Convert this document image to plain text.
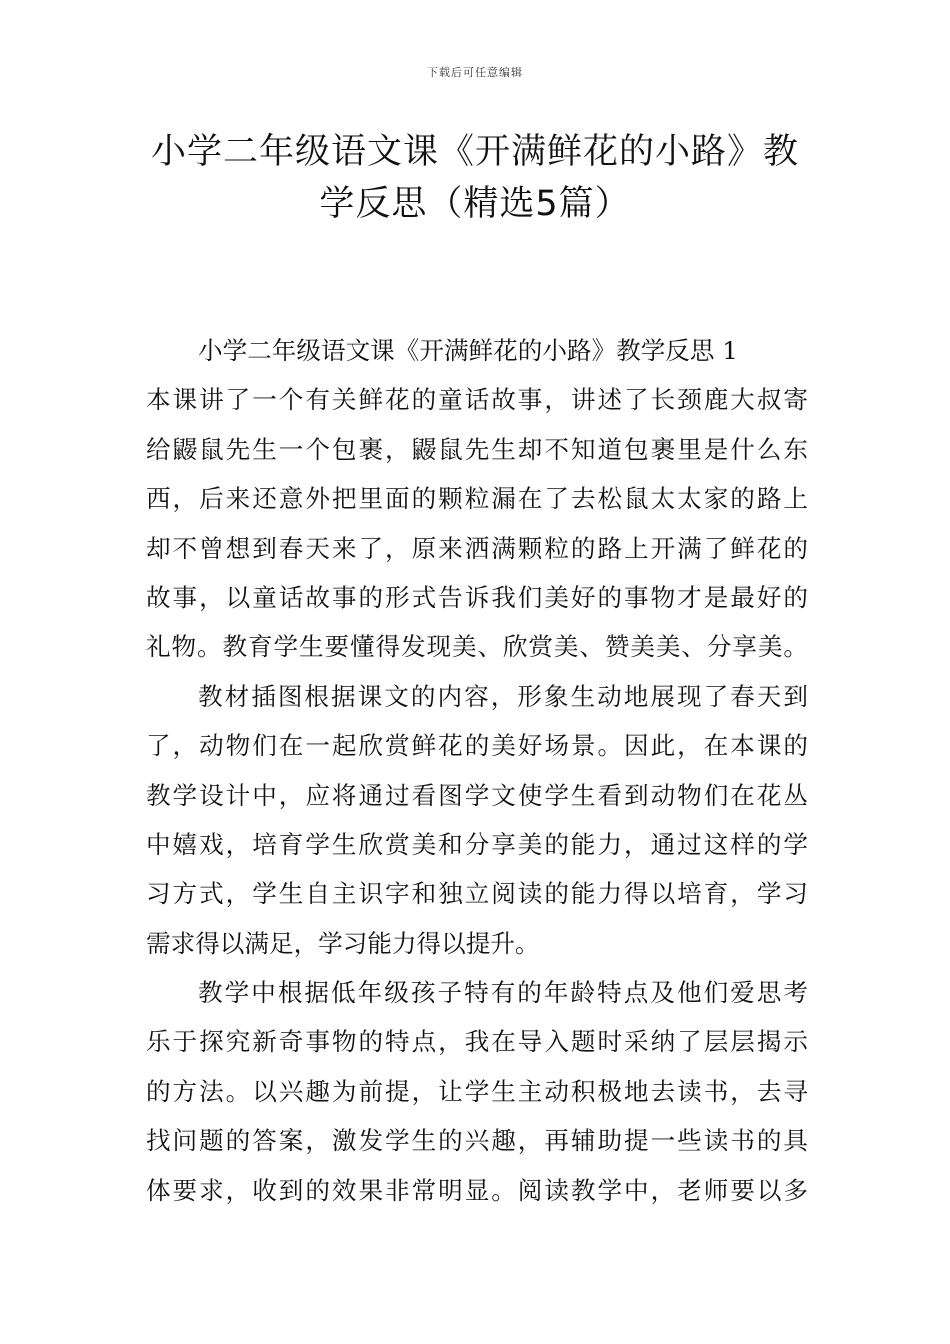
下载后可任意编辑
小学二年级语文课《开满鲜花的小路》教
学反思（精选5篇）
小学二年级语文课《开满鲜花的小路》教学反思 1
本课讲了一个有关鲜花的童话故事，讲述了长颈鹿大叔寄
给鼹鼠先生一个包裹，鼹鼠先生却不知道包裹里是什么东
西，后来还意外把里面的颗粒漏在了去松鼠太太家的路上
却不曾想到春天来了，原来洒满颗粒的路上开满了鲜花的
故事，以童话故事的形式告诉我们美好的事物才是最好的
礼物。教育学生要懂得发现美、欣赏美、赞美美、分享美。
教材插图根据课文的内容，形象生动地展现了春天到
了，动物们在一起欣赏鲜花的美好场景。因此，在本课的
教学设计中，应将通过看图学文使学生看到动物们在花丛
中嬉戏，培育学生欣赏美和分享美的能力，通过这样的学
习方式，学生自主识字和独立阅读的能力得以培育，学习
需求得以满足，学习能力得以提升。
教学中根据低年级孩子特有的年龄特点及他们爱思考
乐于探究新奇事物的特点，我在导入题时采纳了层层揭示
的方法。以兴趣为前提，让学生主动积极地去读书，去寻
找问题的答案，激发学生的兴趣，再辅助提一些读书的具
体要求，收到的效果非常明显。阅读教学中，老师要以多
